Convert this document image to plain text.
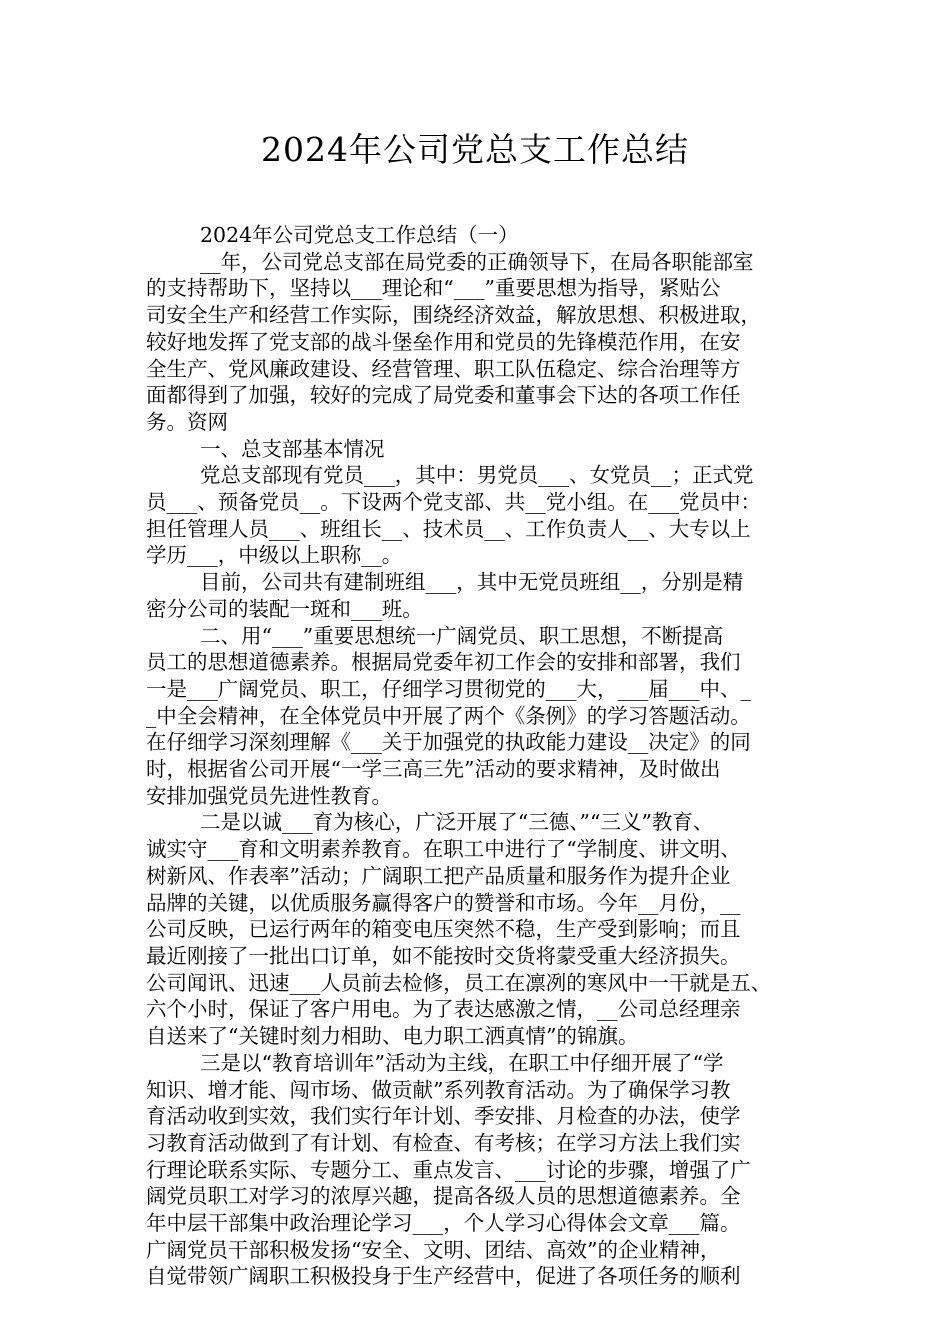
2024年公司党总支工作总结
2024年公司党总支工作总结（一）
__年，公司党总支部在局党委的正确领导下，在局各职能部室
的支持帮助下，坚持以___理论和“___”重要思想为指导，紧贴公
司安全生产和经营工作实际，围绕经济效益，解放思想、积极进取，
较好地发挥了党支部的战斗堡垒作用和党员的先锋模范作用，在安
全生产、党风廉政建设、经营管理、职工队伍稳定、综合治理等方
面都得到了加强，较好的完成了局党委和董事会下达的各项工作任
务。资网
一、总支部基本情况
党总支部现有党员___，其中：男党员___、女党员__；正式党
员___、预备党员__。下设两个党支部、共__党小组。在___党员中：
担任管理人员___、班组长__、技术员__、工作负责人__、大专以上
学历___，中级以上职称__。
目前，公司共有建制班组___，其中无党员班组__，分别是精
密分公司的装配一斑和___班。
二、用“___”重要思想统一广阔党员、职工思想，不断提高
员工的思想道德素养。根据局党委年初工作会的安排和部署，我们
一是___广阔党员、职工，仔细学习贯彻党的___大，___届___中、_
_中全会精神，在全体党员中开展了两个《条例》的学习答题活动。
在仔细学习深刻理解《___关于加强党的执政能力建设__决定》的同
时，根据省公司开展“一学三高三先”活动的要求精神，及时做出
安排加强党员先进性教育。
二是以诚___育为核心，广泛开展了“三德、”“三义”教育、
诚实守___育和文明素养教育。在职工中进行了“学制度、讲文明、
树新风、作表率”活动；广阔职工把产品质量和服务作为提升企业
品牌的关键，以优质服务赢得客户的赞誉和市场。今年__月份，__
公司反映，已运行两年的箱变电压突然不稳，生产受到影响；而且
最近刚接了一批出口订单，如不能按时交货将蒙受重大经济损失。
公司闻讯、迅速___人员前去检修，员工在凛冽的寒风中一干就是五、
六个小时，保证了客户用电。为了表达感激之情，__公司总经理亲
自送来了“关键时刻力相助、电力职工洒真情”的锦旗。
三是以“教育培训年”活动为主线，在职工中仔细开展了“学
知识、增才能、闯市场、做贡献”系列教育活动。为了确保学习教
育活动收到实效，我们实行年计划、季安排、月检查的办法，使学
习教育活动做到了有计划、有检查、有考核；在学习方法上我们实
行理论联系实际、专题分工、重点发言、___讨论的步骤，增强了广
阔党员职工对学习的浓厚兴趣，提高各级人员的思想道德素养。全
年中层干部集中政治理论学习___，个人学习心得体会文章___篇。
广阔党员干部积极发扬“安全、文明、团结、高效”的企业精神，
自觉带领广阔职工积极投身于生产经营中，促进了各项任务的顺利
